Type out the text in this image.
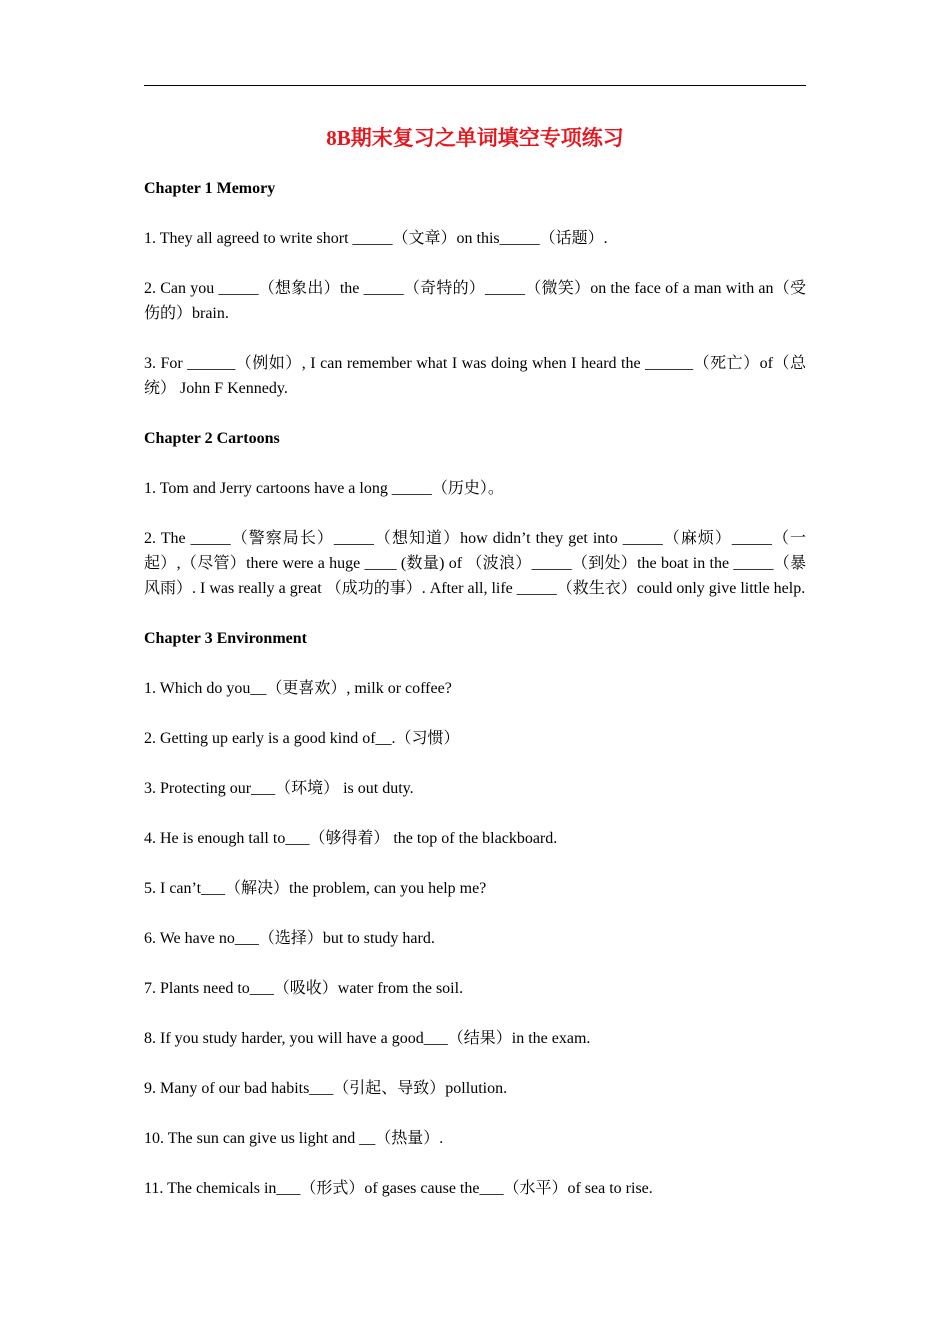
8B期末复习之单词填空专项练习
Chapter 1 Memory

1. They all agreed to write short _____（文章）on this_____（话题）.

2. Can you _____（想象出）the _____（奇特的）_____（微笑）on the face of a man with an（受伤的）brain.

3. For ______（例如）, I can remember what I was doing when I heard the ______（死亡）of（总统） John F Kennedy.

Chapter 2 Cartoons

1. Tom and Jerry cartoons have a long _____（历史）。

2. The _____（警察局长）_____（想知道）how didn’t they get into _____（麻烦）_____（一起）,（尽管）there were a huge ____ (数量) of （波浪）_____（到处）the boat in the _____（暴风雨）. I was really a great （成功的事）. After all, life _____（救生衣）could only give little help.

Chapter 3 Environment

1. Which do you__（更喜欢）, milk or coffee?

2. Getting up early is a good kind of__.（习惯）

3. Protecting our___（环境） is out duty.

4. He is enough tall to___（够得着） the top of the blackboard.

5. I can’t___（解决）the problem, can you help me?

6. We have no___（选择）but to study hard.

7. Plants need to___（吸收）water from the soil.

8. If you study harder, you will have a good___（结果）in the exam.

9. Many of our bad habits___（引起、导致）pollution.

10. The sun can give us light and __（热量）.

11. The chemicals in___（形式）of gases cause the___（水平）of sea to rise.
